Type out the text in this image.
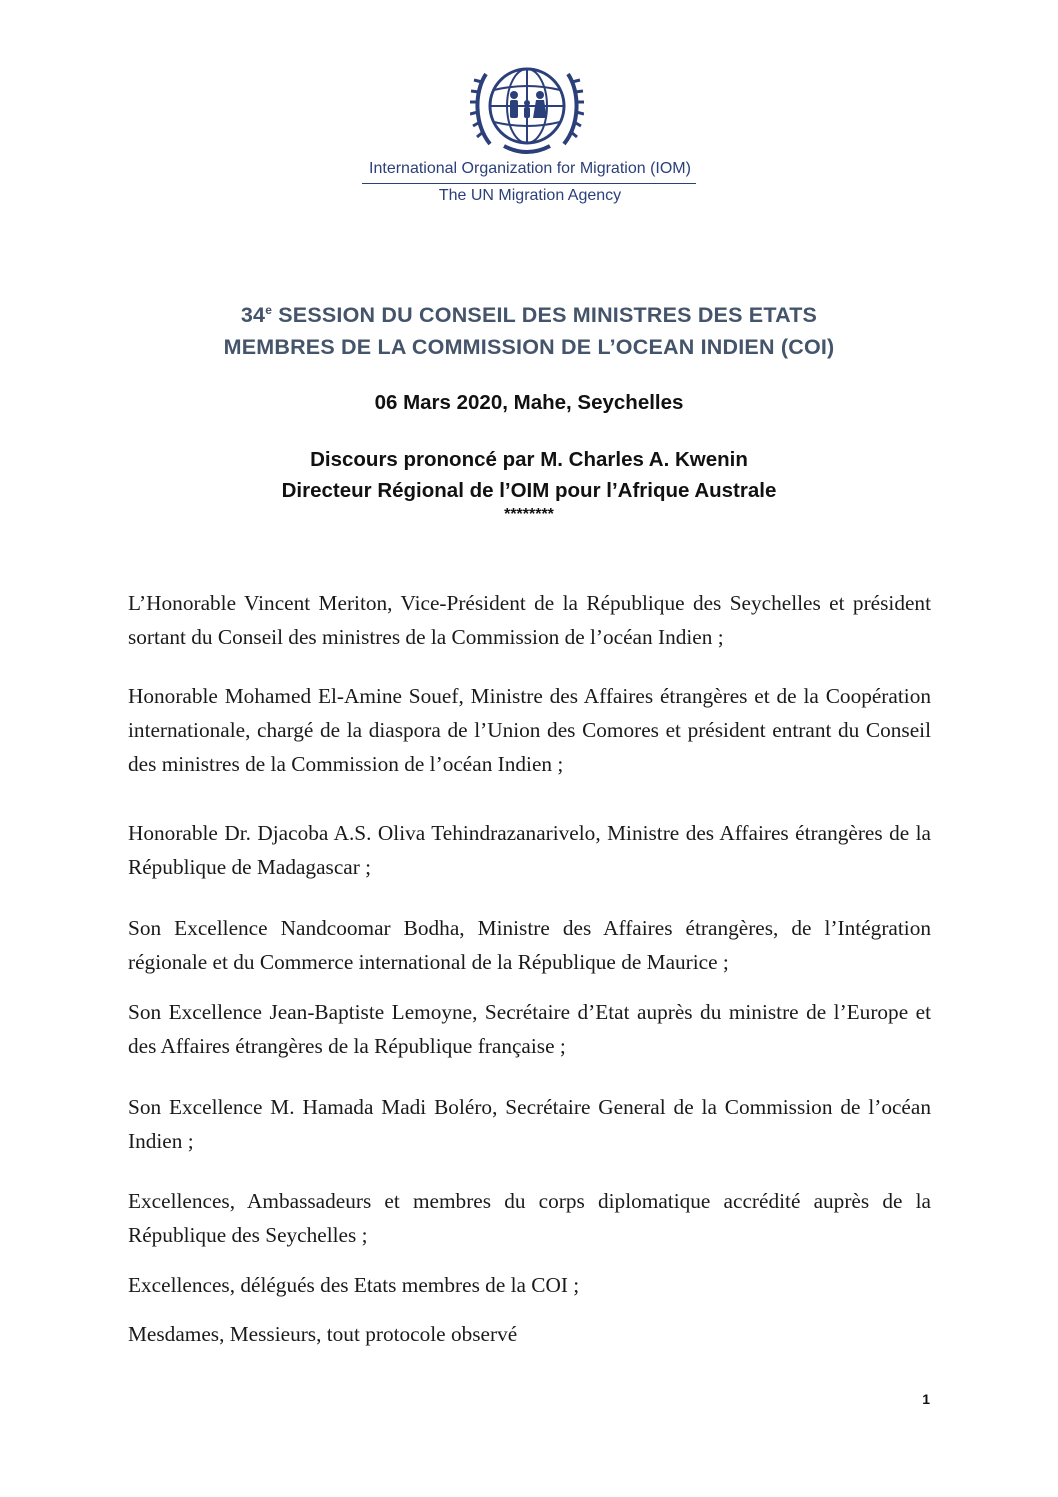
International Organization for Migration (IOM)
The UN Migration Agency
34e SESSION DU CONSEIL DES MINISTRES DES ETATS
MEMBRES DE LA COMMISSION DE L’OCEAN INDIEN (COI)
06 Mars 2020, Mahe, Seychelles
Discours prononcé par M. Charles A. Kwenin
Directeur Régional de l’OIM pour l’Afrique Australe
********

L’Honorable Vincent Meriton, Vice-Président de la République des Seychelles et président sortant du Conseil des ministres de la Commission de l’océan Indien ;

Honorable Mohamed El-Amine Souef, Ministre des Affaires étrangères et de la Coopération internationale, chargé de la diaspora de l’Union des Comores et président entrant du Conseil des ministres de la Commission de l’océan Indien ;

Honorable Dr. Djacoba A.S. Oliva Tehindrazanarivelo, Ministre des Affaires étrangères de la République de Madagascar ;

Son Excellence Nandcoomar Bodha, Ministre des Affaires étrangères, de l’Intégration régionale et du Commerce international de la République de Maurice ;

Son Excellence Jean-Baptiste Lemoyne, Secrétaire d’Etat auprès du ministre de l’Europe et des Affaires étrangères de la République française ;

Son Excellence M. Hamada Madi Boléro, Secrétaire General de la Commission de l’océan Indien ;

Excellences, Ambassadeurs et membres du corps diplomatique accrédité auprès de la République des Seychelles ;

Excellences, délégués des Etats membres de la COI ;

Mesdames, Messieurs, tout protocole observé

1
